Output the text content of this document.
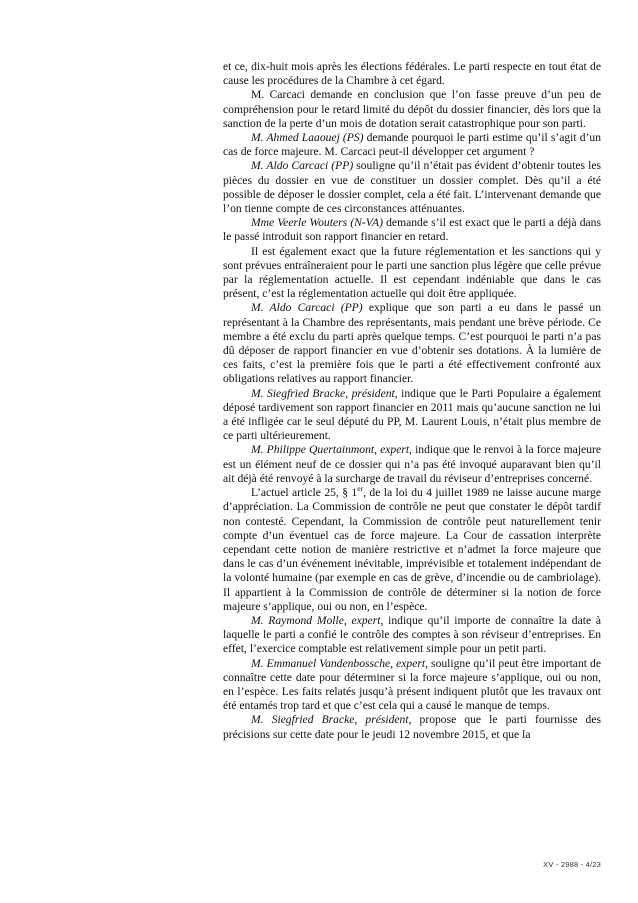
et ce, dix-huit mois après les élections fédérales. Le parti respecte en tout état de cause les procédures de la Chambre à cet égard.

M. Carcaci demande en conclusion que l’on fasse preuve d’un peu de compréhension pour le retard limité du dépôt du dossier financier, dès lors que la sanction de la perte d’un mois de dotation serait catastrophique pour son parti.

M. Ahmed Laaouej (PS) demande pourquoi le parti estime qu’il s’agit d’un cas de force majeure. M. Carcaci peut-il développer cet argument ?

M. Aldo Carcaci (PP) souligne qu’il n’était pas évident d’obtenir toutes les pièces du dossier en vue de constituer un dossier complet. Dès qu’il a été possible de déposer le dossier complet, cela a été fait. L’intervenant demande que l’on tienne compte de ces circonstances atténuantes.

Mme Veerle Wouters (N-VA) demande s’il est exact que le parti a déjà dans le passé introduit son rapport financier en retard.

Il est également exact que la future réglementation et les sanctions qui y sont prévues entraîneraient pour le parti une sanction plus légère que celle prévue par la réglementation actuelle. Il est cependant indéniable que dans le cas présent, c’est la réglementation actuelle qui doit être appliquée.

M. Aldo Carcaci (PP) explique que son parti a eu dans le passé un représentant à la Chambre des représentants, mais pendant une brève période. Ce membre a été exclu du parti après quelque temps. C’est pourquoi le parti n’a pas dû déposer de rapport financier en vue d’obtenir ses dotations. À la lumière de ces faits, c’est la première fois que le parti a été effectivement confronté aux obligations relatives au rapport financier.

M. Siegfried Bracke, président, indique que le Parti Populaire a également déposé tardivement son rapport financier en 2011 mais qu’aucune sanction ne lui a été infligée car le seul député du PP, M. Laurent Louis, n’était plus membre de ce parti ultérieurement.

M. Philippe Quertainmont, expert, indique que le renvoi à la force majeure est un élément neuf de ce dossier qui n’a pas été invoqué auparavant bien qu’il ait déjà été renvoyé à la surcharge de travail du réviseur d’entreprises concerné.

L’actuel article 25, § 1er, de la loi du 4 juillet 1989 ne laisse aucune marge d’appréciation. La Commission de contrôle ne peut que constater le dépôt tardif non contesté. Cependant, la Commission de contrôle peut naturellement tenir compte d’un éventuel cas de force majeure. La Cour de cassation interprète cependant cette notion de manière restrictive et n’admet la force majeure que dans le cas d’un événement inévitable, imprévisible et totalement indépendant de la volonté humaine (par exemple en cas de grève, d’incendie ou de cambriolage). Il appartient à la Commission de contrôle de déterminer si la notion de force majeure s’applique, oui ou non, en l’espèce.

M. Raymond Molle, expert, indique qu’il importe de connaître la date à laquelle le parti a confié le contrôle des comptes à son réviseur d’entreprises. En effet, l’exercice comptable est relativement simple pour un petit parti.

M. Emmanuel Vandenbossche, expert, souligne qu’il peut être important de connaître cette date pour déterminer si la force majeure s’applique, oui ou non, en l’espèce. Les faits relatés jusqu’à présent indiquent plutôt que les travaux ont été entamés trop tard et que c’est cela qui a causé le manque de temps.

M. Siegfried Bracke, président, propose que le parti fournisse des précisions sur cette date pour le jeudi 12 novembre 2015, et que la

XV - 2988 - 4/23
